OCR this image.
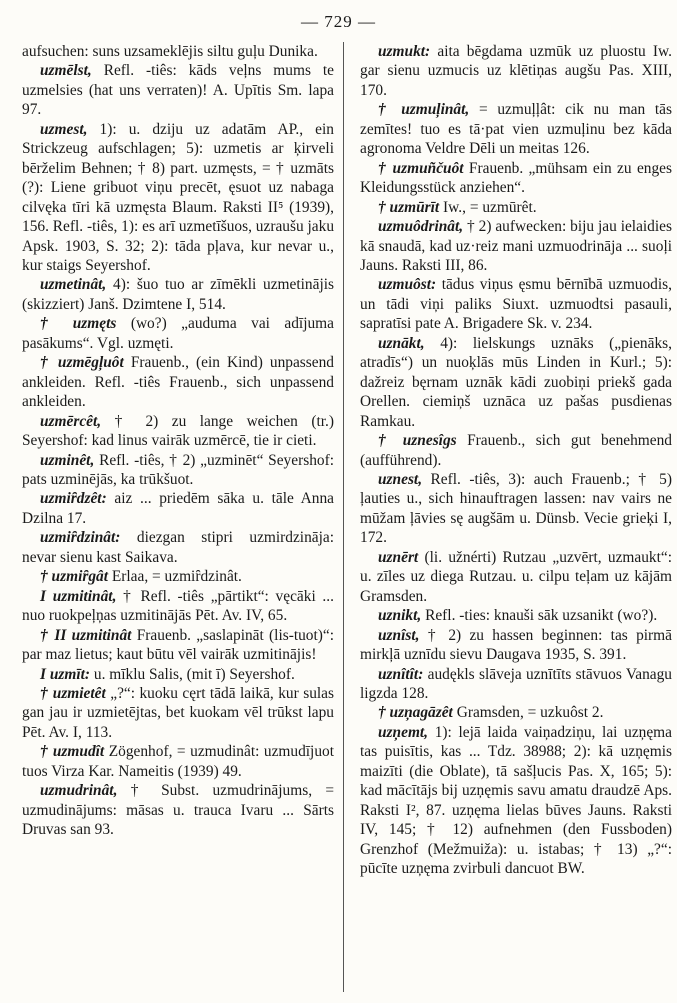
— 729 —

aufsuchen: suns uzsameklējis siltu guļu Dunika.

uzmēlst, Refl. -tiês: kāds veļns mums te uzmelsies (hat uns verraten)! A. Upītis Sm. lapa 97.

uzmest, 1): u. dziju uz adatām AP., ein Strickzeug aufschlagen; 5): uzmetis ar ķirveli bērželim Behnen; † 8) part. uzmęsts, = † uzmāts (?): Liene gribuot viņu precēt, ęsuot uz nabaga cilvęka tīri kā uzmęsta Blaum. Raksti II⁵ (1939), 156. Refl. -tiês, 1): es arī uzmetīšuos, uzraušu jaku Apsk. 1903, S. 32; 2): tāda pļava, kur nevar u., kur staigs Seyershof.

uzmetinât, 4): šuo tuo ar zīmēkli uzmetinājis (skizziert) Janš. Dzimtene I, 514.

† uzmęts (wo?) „auduma vai adījuma pasākums“. Vgl. uzmęti.

† uzmēgļuôt Frauenb., (ein Kind) unpassend ankleiden. Refl. -tiês Frauenb., sich unpassend ankleiden.

uzmērcêt, † 2) zu lange weichen (tr.) Seyershof: kad linus vairāk uzmērcē, tie ir cieti.

uzminêt, Refl. -tiês, † 2) „uzminēt“ Seyershof: pats uzminējās, ka trūkšuot.

uzmiȓdzêt: aiz ... priedēm sāka u. tāle Anna Dzilna 17.

uzmiȓdzinât: diezgan stipri uzmirdzināja: nevar sienu kast Saikava.

† uzmiȓgât Erlaa, = uzmiȓdzinât.

I uzmitinât, † Refl. -tiês „pārtikt“: vęcāki ... nuo ruokpeļņas uzmitinājās Pēt. Av. IV, 65.

† II uzmitinât Frauenb. „saslapināt (lis-tuot)“: par maz lietus; kaut būtu vēl vairāk uzmitinājis!

I uzmīt: u. mīklu Salis, (mit ī) Seyershof.

† uzmietêt „?“: kuoku cęrt tādā laikā, kur sulas gan jau ir uzmietējtas, bet kuokam vēl trūkst lapu Pēt. Av. I, 113.

† uzmudît Zögenhof, = uzmudinât: uzmudījuot tuos Virza Kar. Nameitis (1939) 49.

uzmudrinât, † Subst. uzmudrinājums, = uzmudinājums: māsas u. trauca Ivaru ... Sārts Druvas san 93.

uzmukt: aita bēgdama uzmūk uz pluostu Iw. gar sienu uzmucis uz klētiņas augšu Pas. XIII, 170.

† uzmuļinât, = uzmuļļât: cik nu man tās zemītes! tuo es tā·pat vien uzmuļinu bez kāda agronoma Veldre Dēli un meitas 126.

† uzmuñčuôt Frauenb. „mühsam ein zu enges Kleidungsstück anziehen“.

† uzmūrīt Iw., = uzmūrêt.

uzmuôdrinât, † 2) aufwecken: biju jau ielaidies kā snaudā, kad uz·reiz mani uzmuodrināja ... suoļi Jauns. Raksti III, 86.

uzmuôst: tādus viņus ęsmu bērnībā uzmuodis, un tādi viņi paliks Siuxt. uzmuodtsi pasauli, sapratīsi pate A. Brigadere Sk. v. 234.

uznākt, 4): lielskungs uznāks („pienāks, atradīs“) un nuoķlās mūs Linden in Kurl.; 5): dažreiz bęrnam uznāk kādi zuobiņi priekš gada Orellen. ciemiņš uznāca uz pašas pusdienas Ramkau.

† uznesîgs Frauenb., sich gut benehmend (aufführend).

uznest, Refl. -tiês, 3): auch Frauenb.; † 5) ļauties u., sich hinauftragen lassen: nav vairs ne mūžam ļāvies sę augšām u. Dünsb. Vecie grieķi I, 172.

uznērt (li. užnérti) Rutzau „uzvērt, uzmaukt“: u. zīles uz diega Rutzau. u. cilpu teļam uz kājām Gramsden.

uznikt, Refl. -ties: knauši sāk uzsanikt (wo?).

uznîst, † 2) zu hassen beginnen: tas pirmā mirkļā uznīdu sievu Daugava 1935, S. 391.

uznîtît: audękls slāveja uznītīts stāvuos Vanagu ligzda 128.

† uzņagāzêt Gramsden, = uzkuôst 2.

uzņemt, 1): lejā laida vaiņadziņu, lai uzņęma tas puisītis, kas ... Tdz. 38988; 2): kā uzņęmis maizīti (die Oblate), tā sašļucis Pas. X, 165; 5): kad mācītājs bij uzņęmis savu amatu draudzē Aps. Raksti I², 87. uzņęma lielas būves Jauns. Raksti IV, 145; † 12) aufnehmen (den Fussboden) Grenzhof (Mežmuiža): u. istabas; † 13) „?“: pūcīte uzņęma zvirbuli dancuot BW.
